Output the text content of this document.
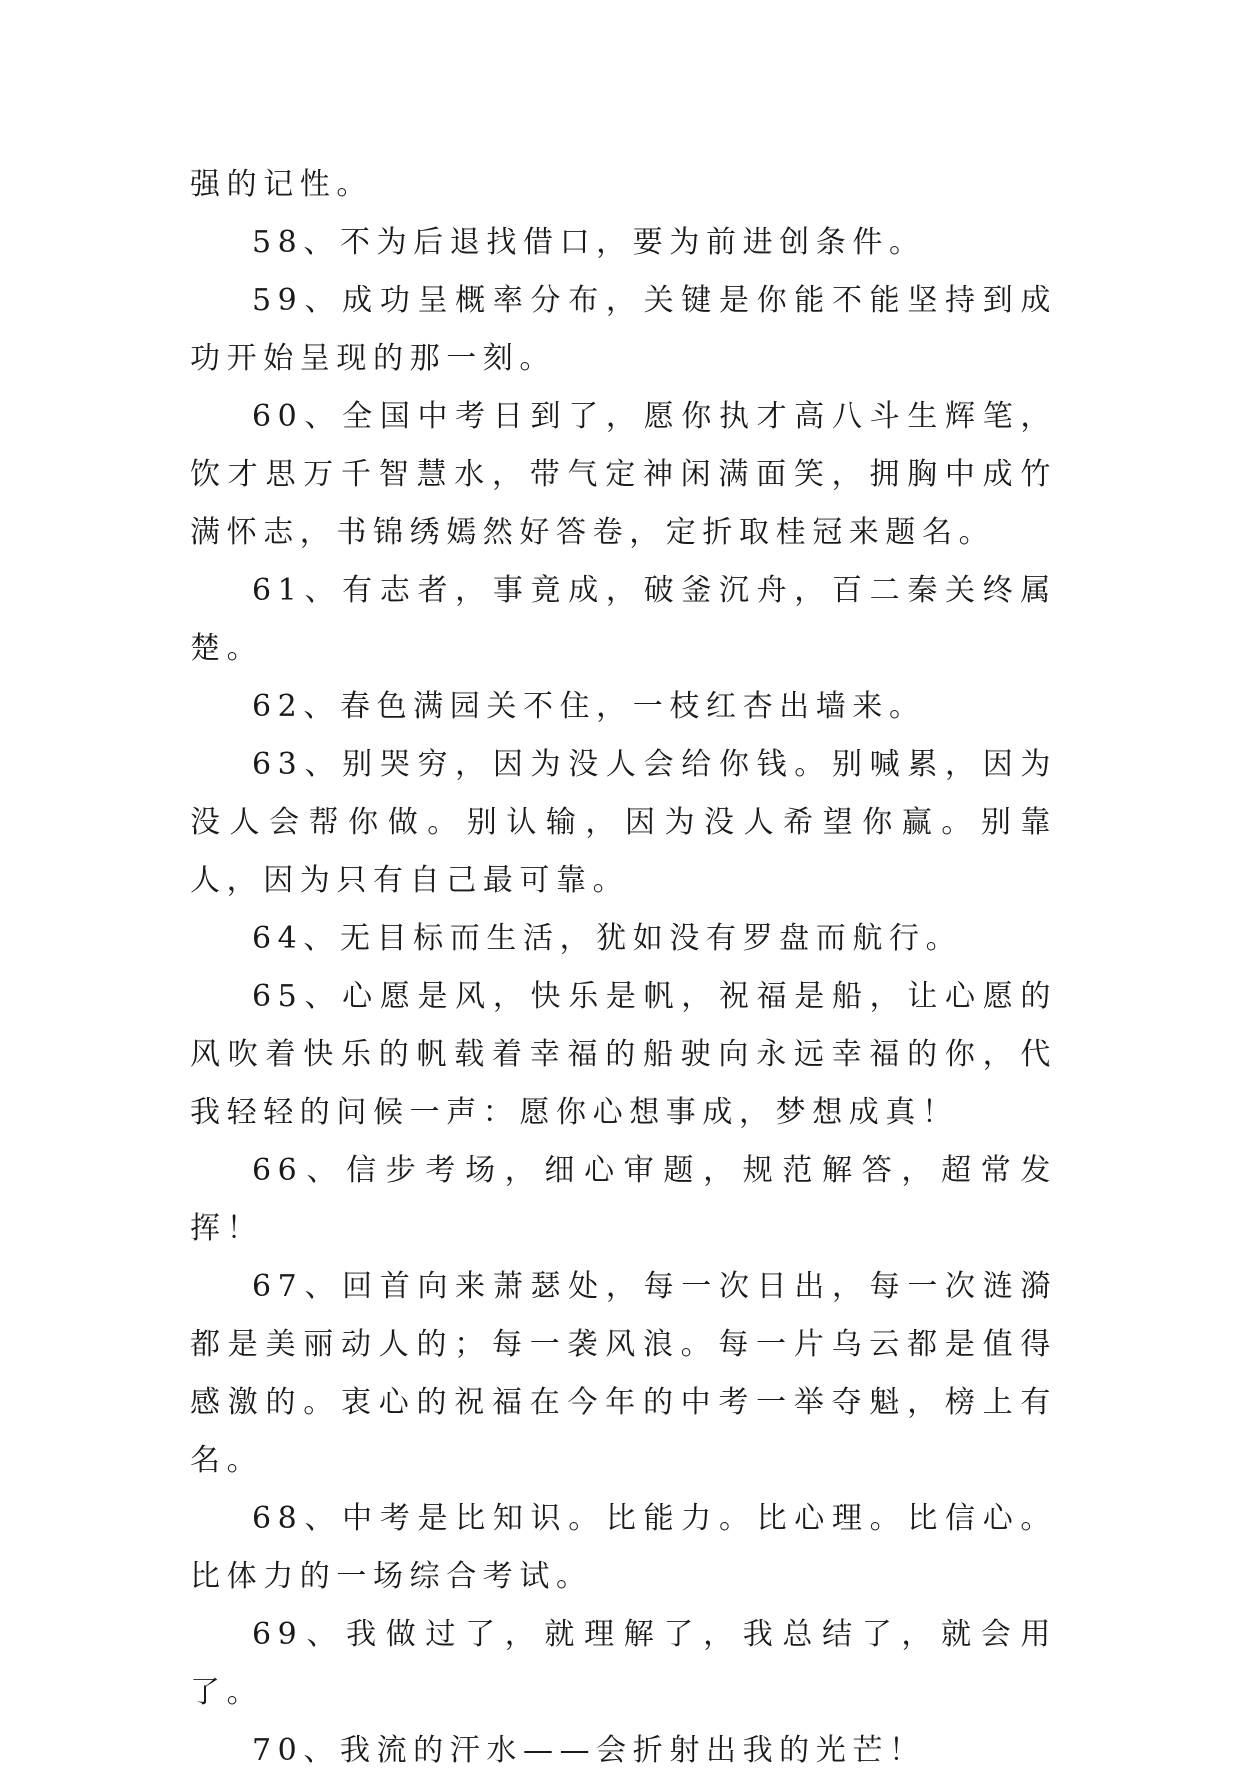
强的记性。

58、不为后退找借口，要为前进创条件。

59、成功呈概率分布，关键是你能不能坚持到成功开始呈现的那一刻。

60、全国中考日到了，愿你执才高八斗生辉笔，饮才思万千智慧水，带气定神闲满面笑，拥胸中成竹满怀志，书锦绣嫣然好答卷，定折取桂冠来题名。

61、有志者，事竟成，破釜沉舟，百二秦关终属楚。

62、春色满园关不住，一枝红杏出墙来。

63、别哭穷，因为没人会给你钱。别喊累，因为没人会帮你做。别认输，因为没人希望你赢。别靠人，因为只有自己最可靠。

64、无目标而生活，犹如没有罗盘而航行。

65、心愿是风，快乐是帆，祝福是船，让心愿的风吹着快乐的帆载着幸福的船驶向永远幸福的你，代我轻轻的问候一声：愿你心想事成，梦想成真！

66、信步考场，细心审题，规范解答，超常发挥！

67、回首向来萧瑟处，每一次日出，每一次涟漪都是美丽动人的；每一袭风浪。每一片乌云都是值得感激的。衷心的祝福在今年的中考一举夺魁，榜上有名。

68、中考是比知识。比能力。比心理。比信心。比体力的一场综合考试。

69、我做过了，就理解了，我总结了，就会用了。

70、我流的汗水——会折射出我的光芒！
